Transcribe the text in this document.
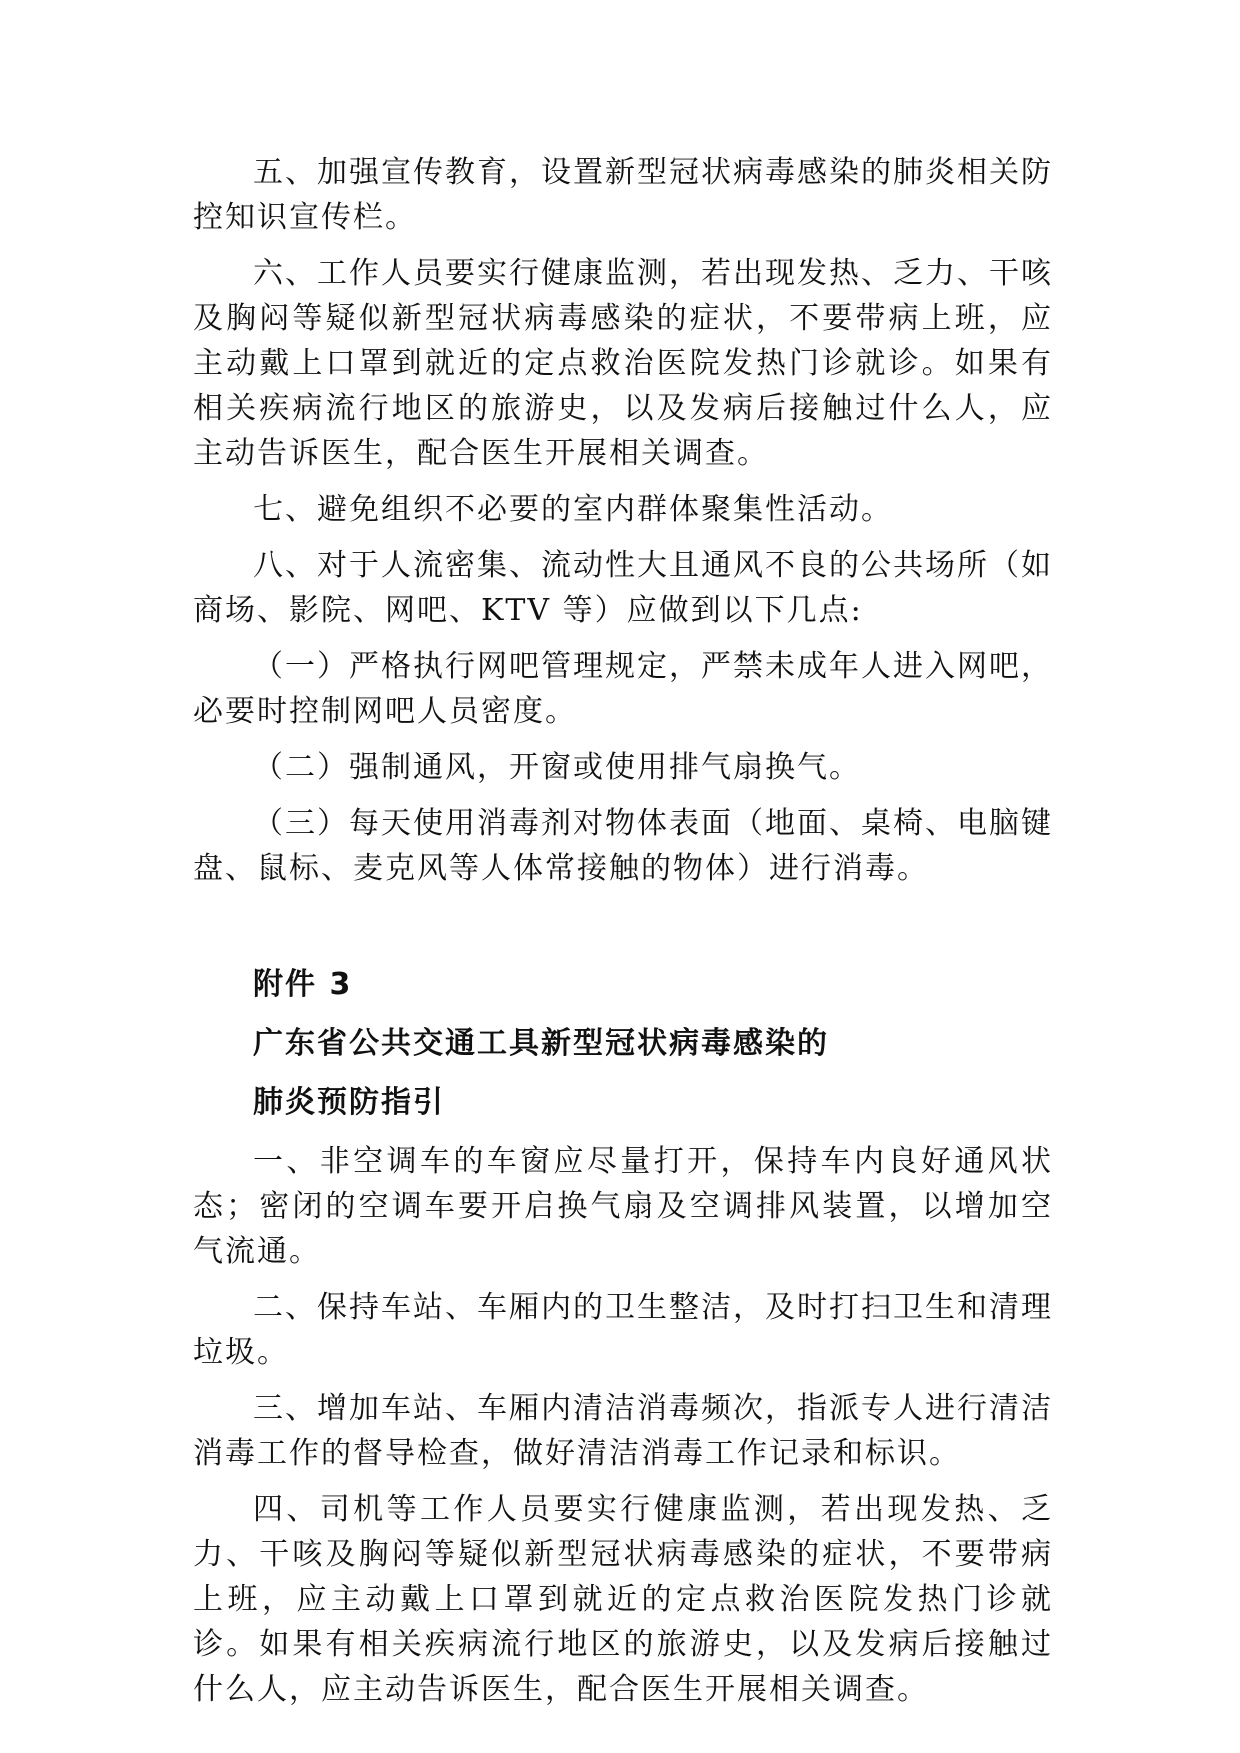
五、加强宣传教育，设置新型冠状病毒感染的肺炎相关防控知识宣传栏。

六、工作人员要实行健康监测，若出现发热、乏力、干咳及胸闷等疑似新型冠状病毒感染的症状，不要带病上班，应主动戴上口罩到就近的定点救治医院发热门诊就诊。如果有相关疾病流行地区的旅游史，以及发病后接触过什么人，应主动告诉医生，配合医生开展相关调查。

七、避免组织不必要的室内群体聚集性活动。

八、对于人流密集、流动性大且通风不良的公共场所（如商场、影院、网吧、KTV 等）应做到以下几点:

（一）严格执行网吧管理规定，严禁未成年人进入网吧，必要时控制网吧人员密度。

（二）强制通风，开窗或使用排气扇换气。

（三）每天使用消毒剂对物体表面（地面、桌椅、电脑键盘、鼠标、麦克风等人体常接触的物体）进行消毒。

附件 3
广东省公共交通工具新型冠状病毒感染的
肺炎预防指引

一、非空调车的车窗应尽量打开，保持车内良好通风状态；密闭的空调车要开启换气扇及空调排风装置，以增加空气流通。

二、保持车站、车厢内的卫生整洁，及时打扫卫生和清理垃圾。

三、增加车站、车厢内清洁消毒频次，指派专人进行清洁消毒工作的督导检查，做好清洁消毒工作记录和标识。

四、司机等工作人员要实行健康监测，若出现发热、乏力、干咳及胸闷等疑似新型冠状病毒感染的症状，不要带病上班，应主动戴上口罩到就近的定点救治医院发热门诊就诊。如果有相关疾病流行地区的旅游史，以及发病后接触过什么人，应主动告诉医生，配合医生开展相关调查。
